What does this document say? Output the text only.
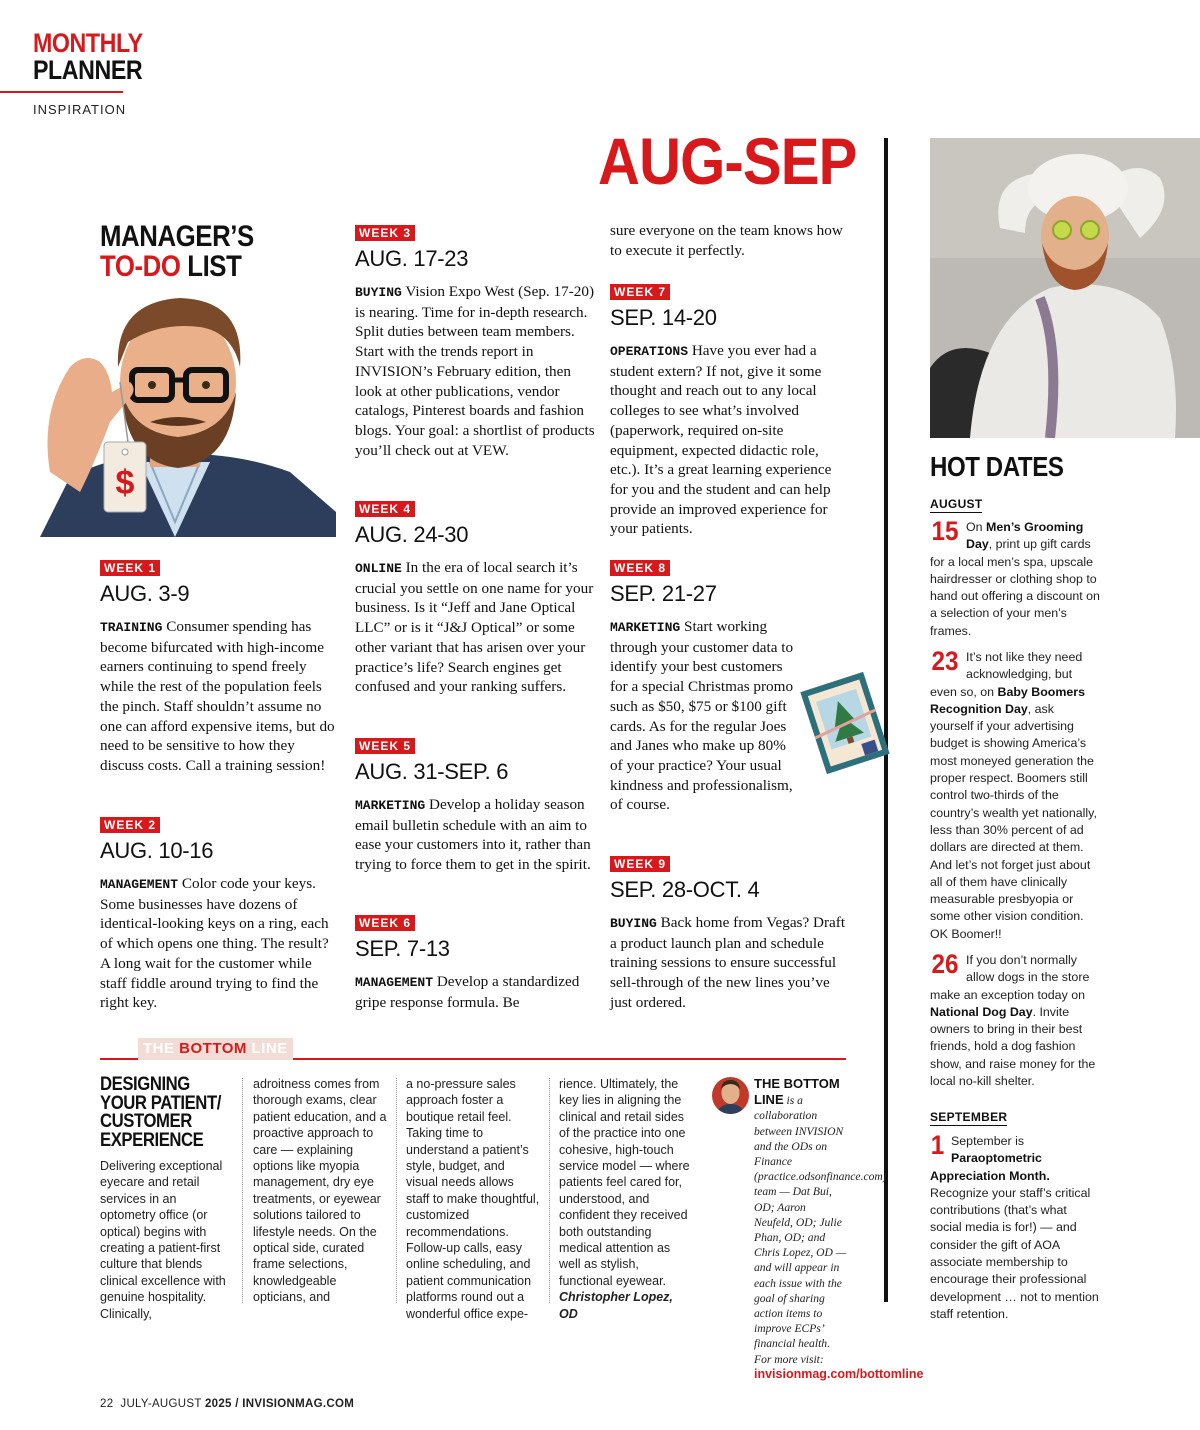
MONTHLY
PLANNER
INSPIRATION
AUG-SEP
MANAGER’S
TO-DO LIST
$
WEEK 1
AUG. 3-9
TRAINING Consumer spending has become bifurcated with high-income earners continuing to spend freely while the rest of the population feels the pinch. Staff shouldn’t assume no one can afford expensive items, but do need to be sensitive to how they discuss costs. Call a training session!
WEEK 2
AUG. 10-16
MANAGEMENT Color code your keys. Some businesses have dozens of identical-looking keys on a ring, each of which opens one thing. The result? A long wait for the customer while staff fiddle around trying to find the right key.
WEEK 3
AUG. 17-23
BUYING Vision Expo West (Sep. 17-20) is nearing. Time for in-depth research. Split duties between team members. Start with the trends report in INVISION’s February edition, then look at other publications, vendor catalogs, Pinterest boards and fashion blogs. Your goal: a shortlist of products you’ll check out at VEW.
WEEK 4
AUG. 24-30
ONLINE In the era of local search it’s crucial you settle on one name for your business. Is it “Jeff and Jane Optical LLC” or is it “J&J Optical” or some other variant that has arisen over your practice’s life? Search engines get confused and your ranking suffers.
WEEK 5
AUG. 31-SEP. 6
MARKETING Develop a holiday season email bulletin schedule with an aim to ease your customers into it, rather than trying to force them to get in the spirit.
WEEK 6
SEP. 7-13
MANAGEMENT Develop a standardized gripe response formula. Be
sure everyone on the team knows how to execute it perfectly.
WEEK 7
SEP. 14-20
OPERATIONS Have you ever had a student extern? If not, give it some thought and reach out to any local colleges to see what’s involved (paperwork, required on-site equipment, expected didactic role, etc.). It’s a great learning experience for you and the student and can help provide an improved experience for your patients.
WEEK 8
SEP. 21-27
MARKETING Start working through your customer data to identify your best customers for a special Christmas promo such as $50, $75 or $100 gift cards. As for the regular Joes and Janes who make up 80% of your practice? Your usual kindness and professionalism, of course.
WEEK 9
SEP. 28-OCT. 4
BUYING Back home from Vegas? Draft a product launch plan and schedule training sessions to ensure successful sell-through of the new lines you’ve just ordered.
HOT DATES
AUGUST
15 On Men’s Grooming Day, print up gift cards for a local men’s spa, upscale hairdresser or clothing shop to hand out offering a discount on a selection of your men’s frames.
23 It’s not like they need acknowledging, but even so, on Baby Boomers Recognition Day, ask yourself if your advertising budget is showing America’s most moneyed generation the proper respect. Boomers still control two-thirds of the country’s wealth yet nationally, less than 30% percent of ad dollars are directed at them. And let’s not forget just about all of them have clinically measurable presbyopia or some other vision condition. OK Boomer!!
26 If you don’t normally allow dogs in the store make an exception today on National Dog Day. Invite owners to bring in their best friends, hold a dog fashion show, and raise money for the local no-kill shelter.
SEPTEMBER
1 September is Paraoptometric Appreciation Month. Recognize your staff’s critical contributions (that’s what social media is for!) — and consider the gift of AOA associate membership to encourage their professional development … not to mention staff retention.
THE BOTTOM LINE
DESIGNING YOUR PATIENT/ CUSTOMER EXPERIENCE
Delivering exceptional eyecare and retail services in an optometry office (or optical) begins with creating a patient-first culture that blends clinical excellence with genuine hospitality. Clinically,
adroitness comes from thorough exams, clear patient education, and a proactive approach to care — explaining options like myopia management, dry eye treatments, or eyewear solutions tailored to lifestyle needs. On the optical side, curated frame selections, knowledgeable opticians, and
a no-pressure sales approach foster a boutique retail feel. Taking time to understand a patient’s style, budget, and visual needs allows staff to make thoughtful, customized recommendations. Follow-up calls, easy online scheduling, and patient communication platforms round out a wonderful office expe-
rience. Ultimately, the key lies in aligning the clinical and retail sides of the practice into one cohesive, high-touch service model — where patients feel cared for, understood, and confident they received both outstanding medical attention as well as stylish, functional eyewear. Christopher Lopez, OD
THE BOTTOM LINE is a collaboration between INVISION and the ODs on Finance (practice.odsonfinance.com) team — Dat Bui, OD; Aaron Neufeld, OD; Julie Phan, OD; and Chris Lopez, OD — and will appear in each issue with the goal of sharing action items to improve ECPs’ financial health. For more visit: invisionmag.com/bottomline
22 JULY-AUGUST 2025 / INVISIONMAG.COM
